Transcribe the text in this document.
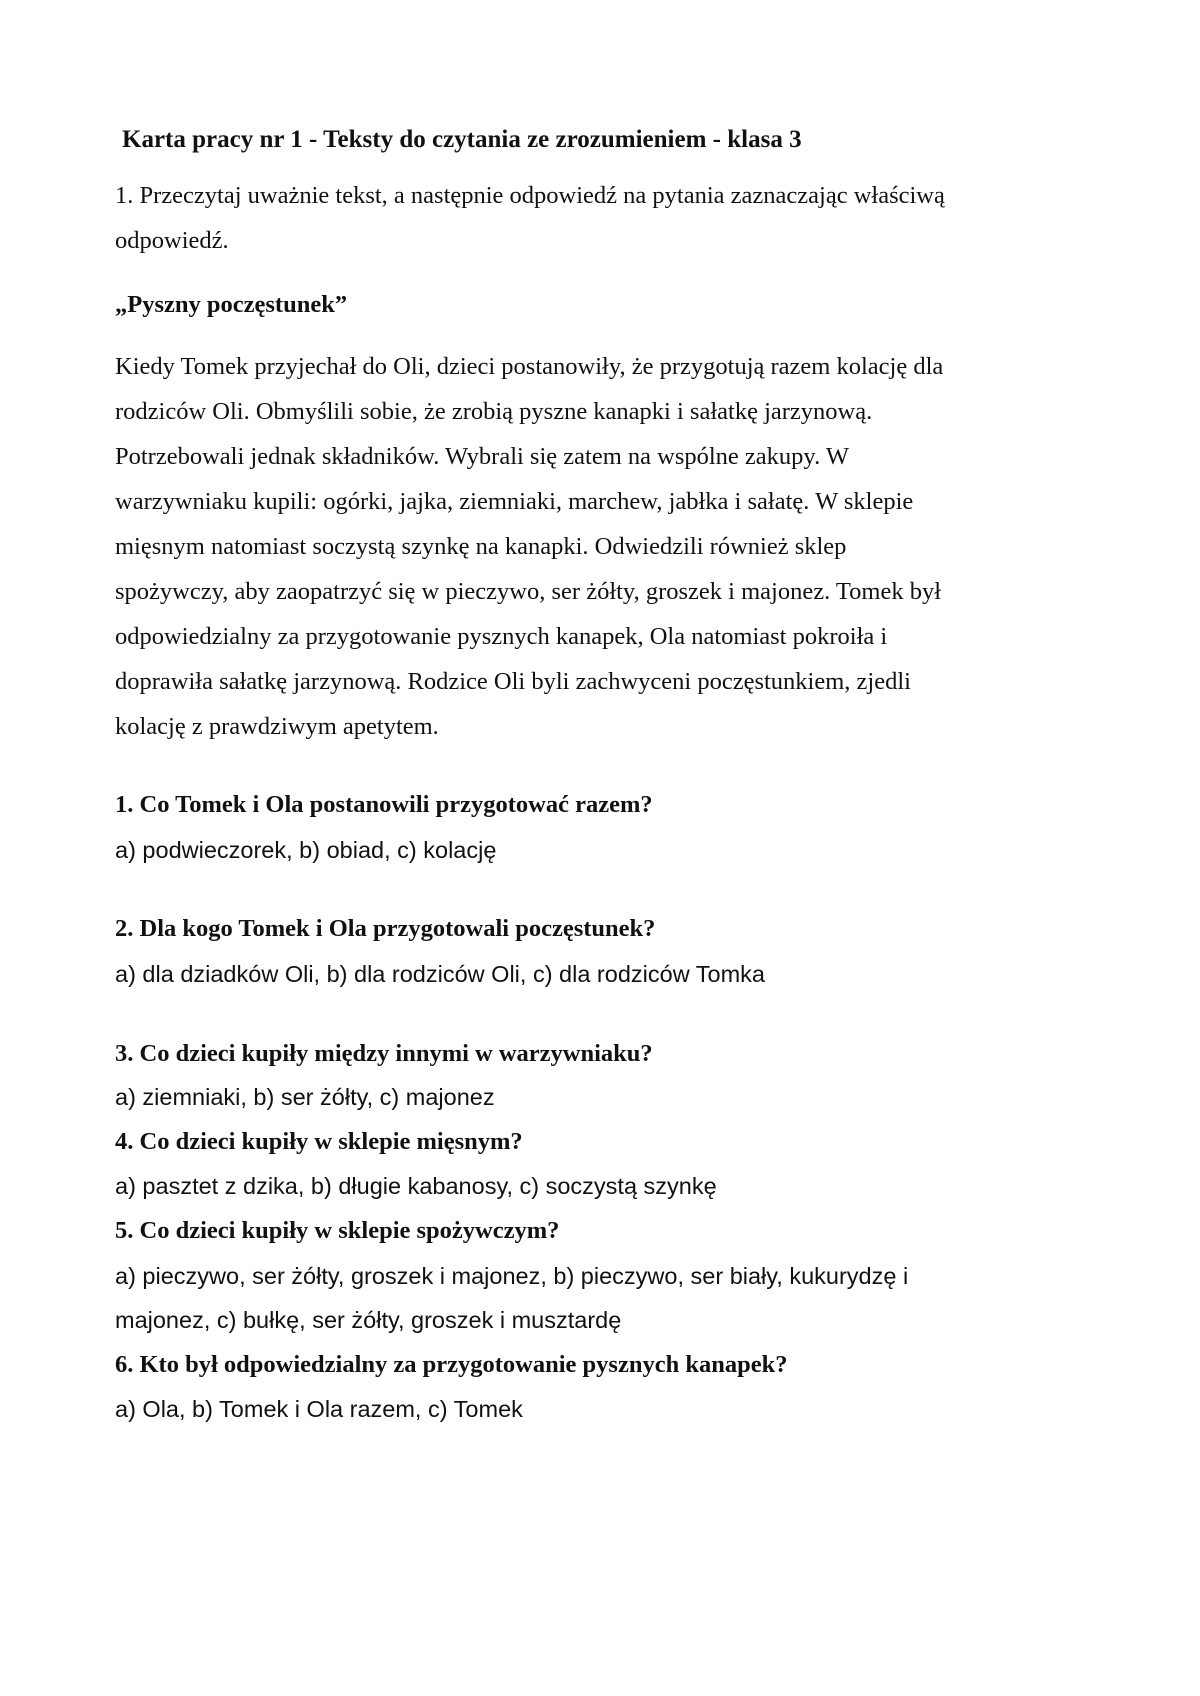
Karta pracy nr 1 - Teksty do czytania ze zrozumieniem - klasa 3
1. Przeczytaj uważnie tekst, a następnie odpowiedź na pytania zaznaczając właściwą
odpowiedź.
„Pyszny poczęstunek”
Kiedy Tomek przyjechał do Oli, dzieci postanowiły, że przygotują razem kolację dla
rodziców Oli. Obmyślili sobie, że zrobią pyszne kanapki i sałatkę jarzynową.
Potrzebowali jednak składników. Wybrali się zatem na wspólne zakupy. W
warzywniaku kupili: ogórki, jajka, ziemniaki, marchew, jabłka i sałatę. W sklepie
mięsnym natomiast soczystą szynkę na kanapki. Odwiedzili również sklep
spożywczy, aby zaopatrzyć się w pieczywo, ser żółty, groszek i majonez. Tomek był
odpowiedzialny za przygotowanie pysznych kanapek, Ola natomiast pokroiła i
doprawiła sałatkę jarzynową. Rodzice Oli byli zachwyceni poczęstunkiem, zjedli
kolację z prawdziwym apetytem.
1. Co Tomek i Ola postanowili przygotować razem?
a) podwieczorek, b) obiad, c) kolację
2. Dla kogo Tomek i Ola przygotowali poczęstunek?
a) dla dziadków Oli, b) dla rodziców Oli, c) dla rodziców Tomka
3. Co dzieci kupiły między innymi w warzywniaku?
a) ziemniaki, b) ser żółty, c) majonez
4. Co dzieci kupiły w sklepie mięsnym?
a) pasztet z dzika, b) długie kabanosy, c) soczystą szynkę
5. Co dzieci kupiły w sklepie spożywczym?
a) pieczywo, ser żółty, groszek i majonez, b) pieczywo, ser biały, kukurydzę i
majonez, c) bułkę, ser żółty, groszek i musztardę
6. Kto był odpowiedzialny za przygotowanie pysznych kanapek?
a) Ola, b) Tomek i Ola razem, c) Tomek
